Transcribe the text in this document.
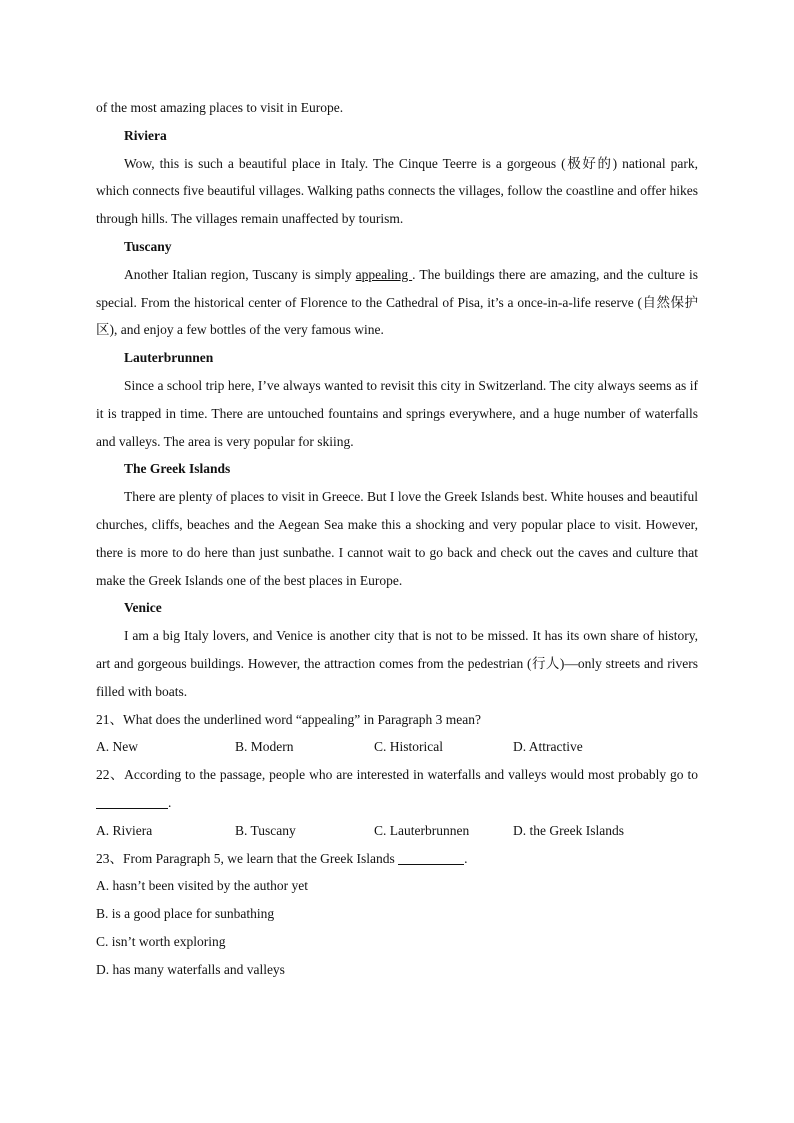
of the most amazing places to visit in Europe.

Riviera

Wow, this is such a beautiful place in Italy. The Cinque Teerre is a gorgeous (极好的) national park, which connects five beautiful villages. Walking paths connects the villages, follow the coastline and offer hikes through hills. The villages remain unaffected by tourism.

Tuscany

Another Italian region, Tuscany is simply appealing . The buildings there are amazing, and the culture is special. From the historical center of Florence to the Cathedral of Pisa, it’s a once-in-a-life reserve (自然保护区), and enjoy a few bottles of the very famous wine.

Lauterbrunnen

Since a school trip here, I’ve always wanted to revisit this city in Switzerland. The city always seems as if it is trapped in time. There are untouched fountains and springs everywhere, and a huge number of waterfalls and valleys. The area is very popular for skiing.

The Greek Islands

There are plenty of places to visit in Greece. But I love the Greek Islands best. White houses and beautiful churches, cliffs, beaches and the Aegean Sea make this a shocking and very popular place to visit. However, there is more to do here than just sunbathe. I cannot wait to go back and check out the caves and culture that make the Greek Islands one of the best places in Europe.

Venice

I am a big Italy lovers, and Venice is another city that is not to be missed. It has its own share of history, art and gorgeous buildings. However, the attraction comes from the pedestrian (行人)—only streets and rivers filled with boats.

21、What does the underlined word “appealing” in Paragraph 3 mean?

A. New	B. Modern	C. Historical	D. Attractive

22、According to the passage, people who are interested in waterfalls and valleys would most probably go to .

A. Riviera	B. Tuscany	C. Lauterbrunnen	D. the Greek Islands

23、From Paragraph 5, we learn that the Greek Islands	.

A. hasn’t been visited by the author yet

B. is a good place for sunbathing

C. isn’t worth exploring

D. has many waterfalls and valleys
